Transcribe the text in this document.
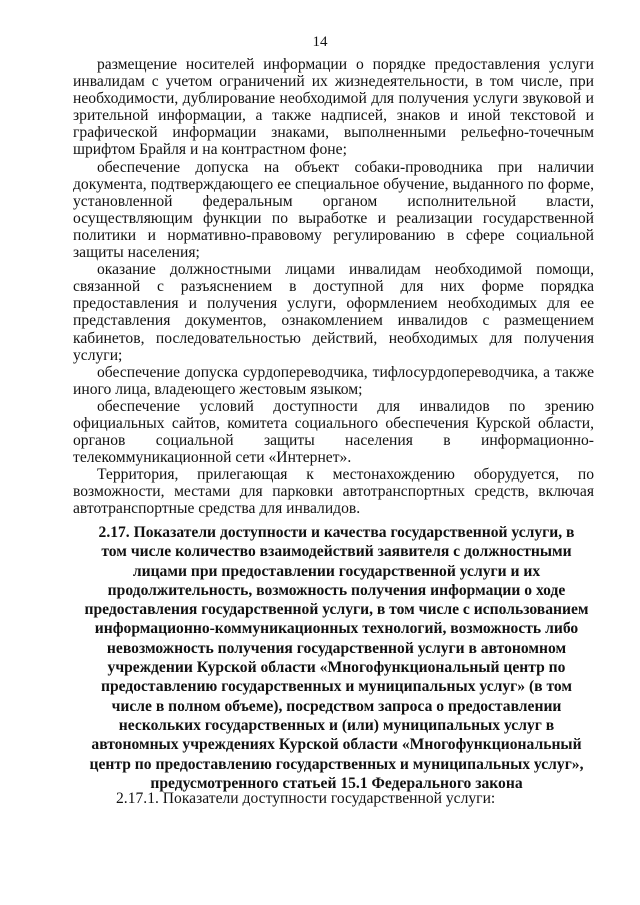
14

размещение носителей информации о порядке предоставления услуги инвалидам с учетом ограничений их жизнедеятельности, в том числе, при необходимости, дублирование необходимой для получения услуги звуковой и зрительной информации, а также надписей, знаков и иной текстовой и графической информации знаками, выполненными рельефно-точечным шрифтом Брайля и на контрастном фоне;

обеспечение допуска на объект собаки-проводника при наличии документа, подтверждающего ее специальное обучение, выданного по форме, установленной федеральным органом исполнительной власти, осуществляющим функции по выработке и реализации государственной политики и нормативно-правовому регулированию в сфере социальной защиты населения;

оказание должностными лицами инвалидам необходимой помощи, связанной с разъяснением в доступной для них форме порядка предоставления и получения услуги, оформлением необходимых для ее представления документов, ознакомлением инвалидов с размещением кабинетов, последовательностью действий, необходимых для получения услуги;

обеспечение допуска сурдопереводчика, тифлосурдопереводчика, а также иного лица, владеющего жестовым языком;

обеспечение условий доступности для инвалидов по зрению официальных сайтов, комитета социального обеспечения Курской области, органов социальной защиты населения в информационно-телекоммуникационной сети «Интернет».

Территория, прилегающая к местонахождению оборудуется, по возможности, местами для парковки автотранспортных средств, включая автотранспортные средства для инвалидов.

2.17. Показатели доступности и качества государственной услуги, в том числе количество взаимодействий заявителя с должностными лицами при предоставлении государственной услуги и их продолжительность, возможность получения информации о ходе предоставления государственной услуги, в том числе с использованием информационно-коммуникационных технологий, возможность либо невозможность получения государственной услуги в автономном учреждении Курской области «Многофункциональный центр по предоставлению государственных и муниципальных услуг» (в том числе в полном объеме), посредством запроса о предоставлении нескольких государственных и (или) муниципальных услуг в автономных учреждениях Курской области «Многофункциональный центр по предоставлению государственных и муниципальных услуг», предусмотренного статьей 15.1 Федерального закона
2.17.1. Показатели доступности государственной услуги:
